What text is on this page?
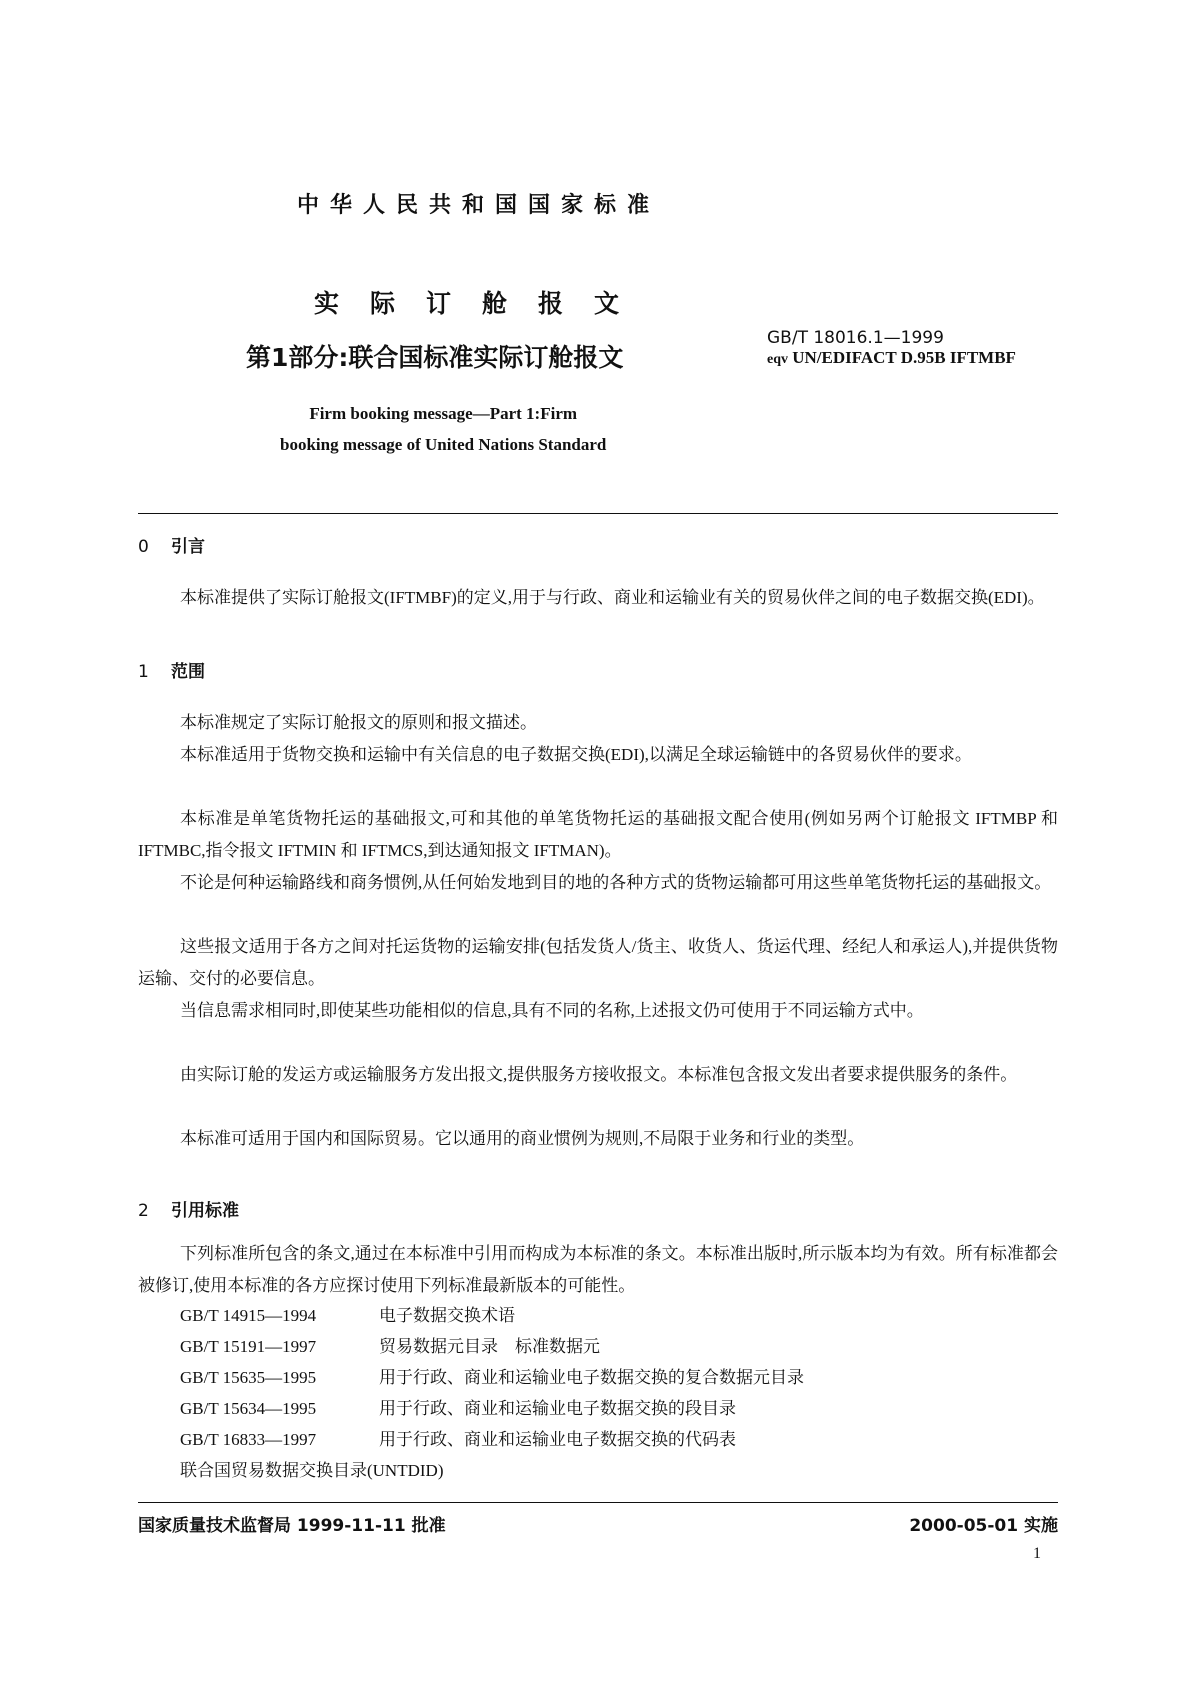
中华人民共和国国家标准
实际订舱报文
第1部分:联合国标准实际订舱报文
GB/T 18016.1—1999
eqv UN/EDIFACT D.95B IFTMBF
Firm booking message—Part 1:Firm
booking message of United Nations Standard
0 引言
本标准提供了实际订舱报文(IFTMBF)的定义,用于与行政、商业和运输业有关的贸易伙伴之间的电子数据交换(EDI)。
1 范围
本标准规定了实际订舱报文的原则和报文描述。
本标准适用于货物交换和运输中有关信息的电子数据交换(EDI),以满足全球运输链中的各贸易伙伴的要求。
本标准是单笔货物托运的基础报文,可和其他的单笔货物托运的基础报文配合使用(例如另两个订舱报文 IFTMBP 和 IFTMBC,指令报文 IFTMIN 和 IFTMCS,到达通知报文 IFTMAN)。
不论是何种运输路线和商务惯例,从任何始发地到目的地的各种方式的货物运输都可用这些单笔货物托运的基础报文。
这些报文适用于各方之间对托运货物的运输安排(包括发货人/货主、收货人、货运代理、经纪人和承运人),并提供货物运输、交付的必要信息。
当信息需求相同时,即使某些功能相似的信息,具有不同的名称,上述报文仍可使用于不同运输方式中。
由实际订舱的发运方或运输服务方发出报文,提供服务方接收报文。本标准包含报文发出者要求提供服务的条件。
本标准可适用于国内和国际贸易。它以通用的商业惯例为规则,不局限于业务和行业的类型。
2 引用标准
下列标准所包含的条文,通过在本标准中引用而构成为本标准的条文。本标准出版时,所示版本均为有效。所有标准都会被修订,使用本标准的各方应探讨使用下列标准最新版本的可能性。
GB/T 14915—1994	电子数据交换术语
GB/T 15191—1997	贸易数据元目录　标准数据元
GB/T 15635—1995	用于行政、商业和运输业电子数据交换的复合数据元目录
GB/T 15634—1995	用于行政、商业和运输业电子数据交换的段目录
GB/T 16833—1997	用于行政、商业和运输业电子数据交换的代码表
联合国贸易数据交换目录(UNTDID)
国家质量技术监督局 1999-11-11 批准	2000-05-01 实施
1
